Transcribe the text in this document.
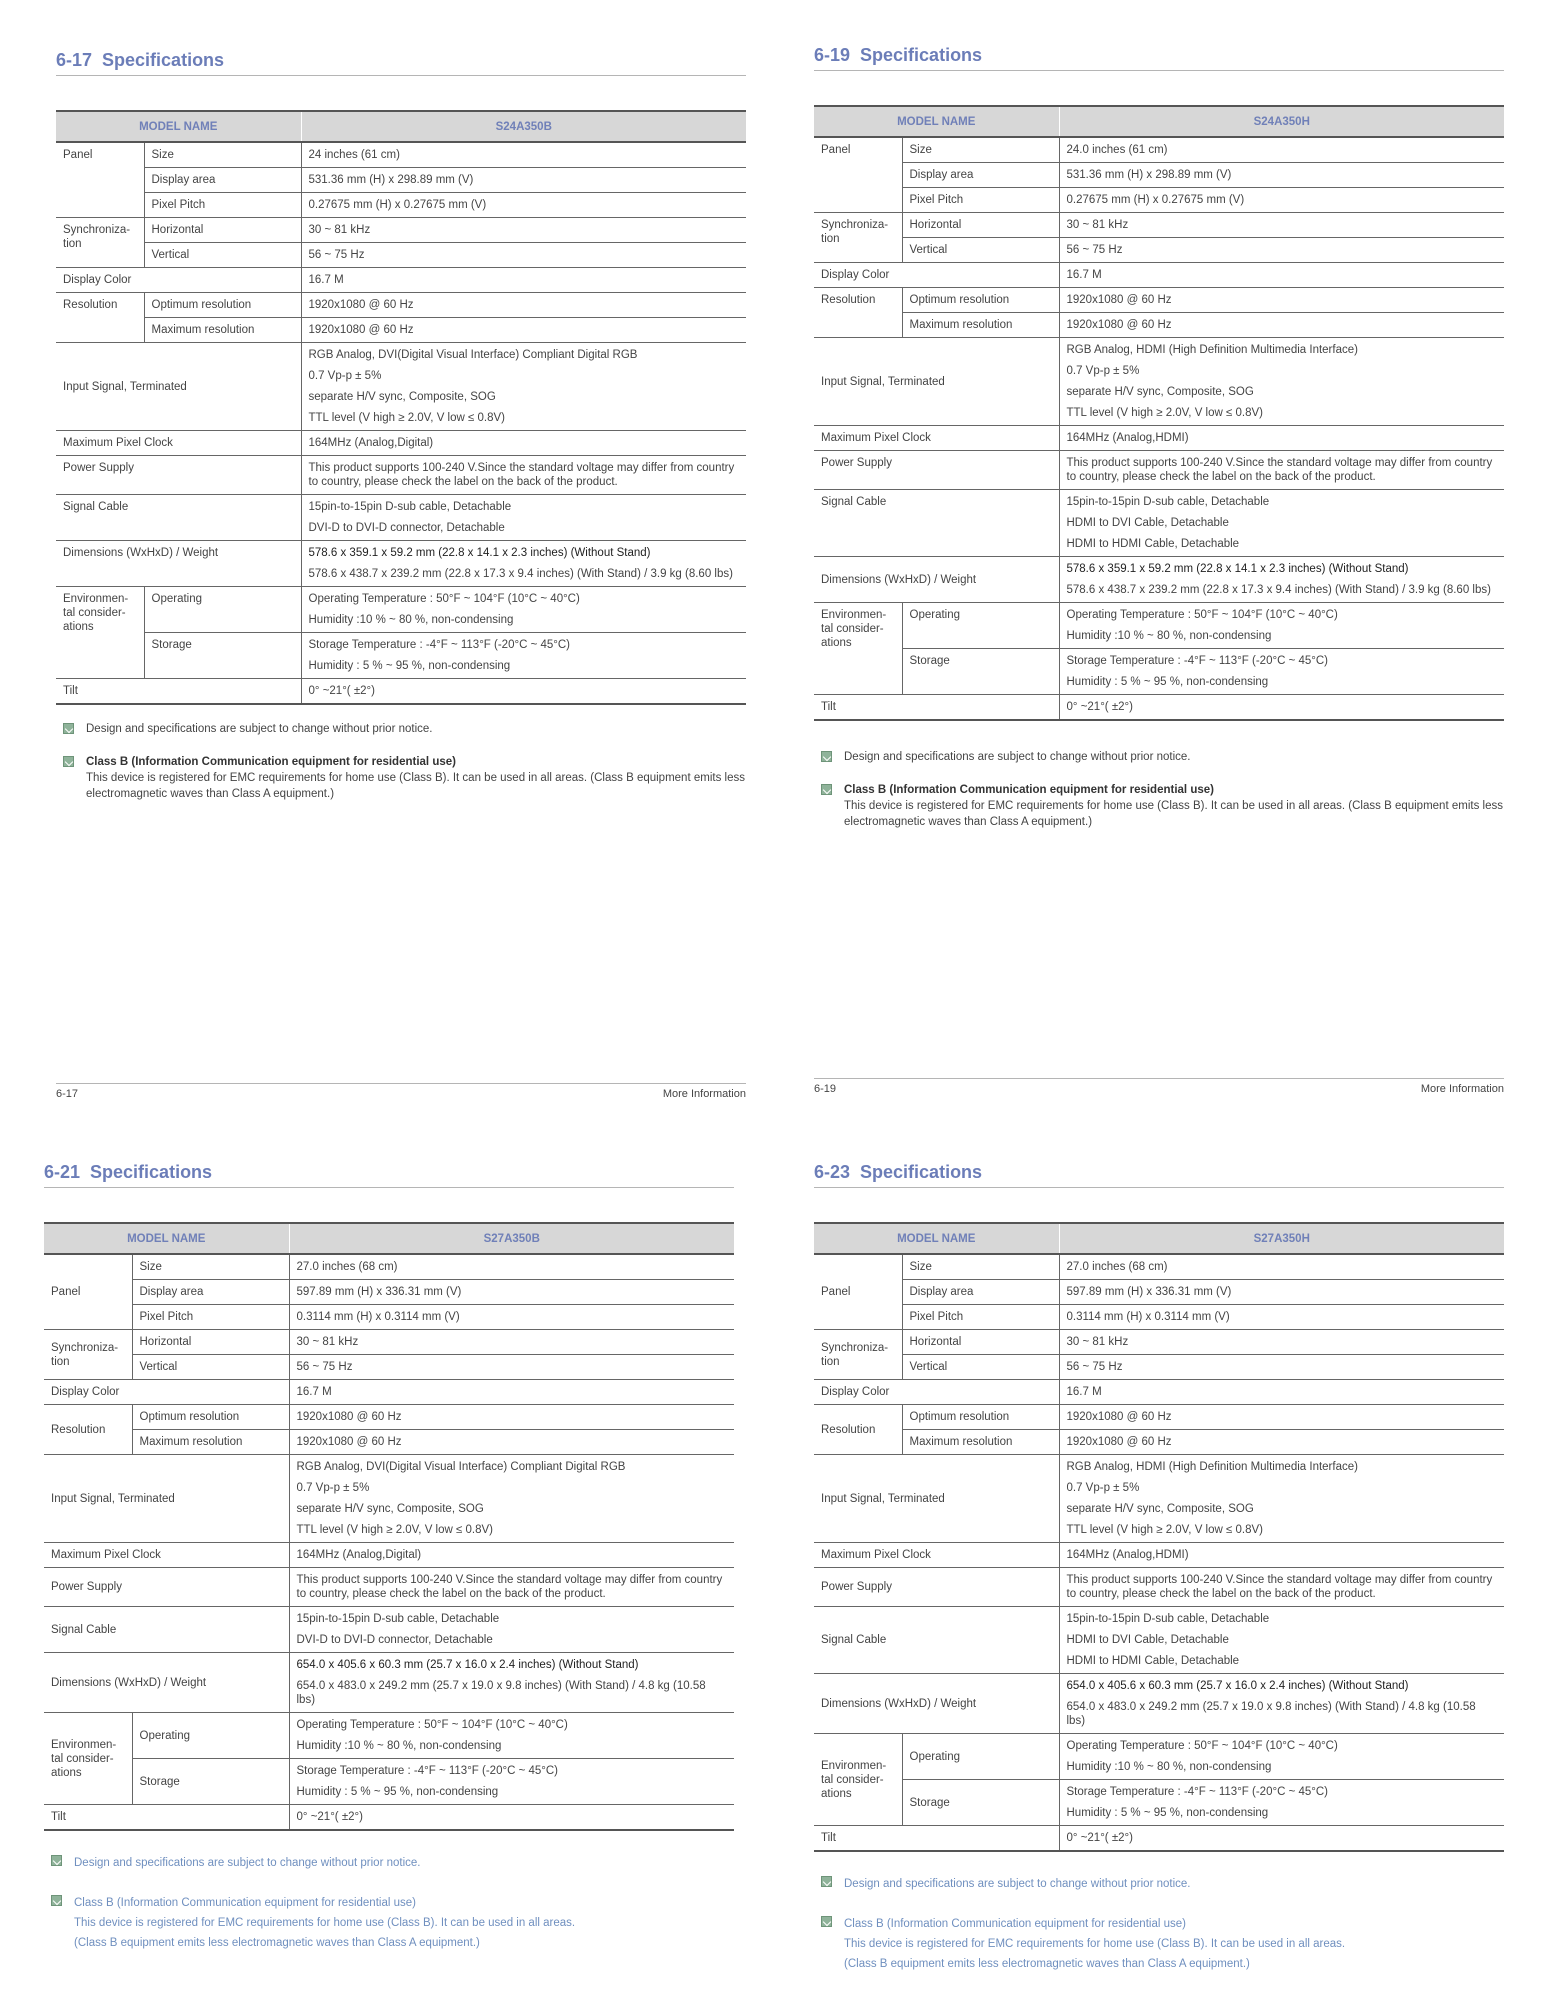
6-17 Specifications
MODEL NAME		S24A350B
Panel	Size	24 inches (61 cm)
	Display area	531.36 mm (H) x 298.89 mm (V)
	Pixel Pitch	0.27675 mm (H) x 0.27675 mm (V)
Synchroniza-tion	Horizontal	30 ~ 81 kHz
	Vertical	56 ~ 75 Hz
Display Color		16.7 M
Resolution	Optimum resolution	1920x1080 @ 60 Hz
	Maximum resolution	1920x1080 @ 60 Hz
Input Signal, Terminated		RGB Analog, DVI(Digital Visual Interface) Compliant Digital RGB
0.7 Vp-p ± 5%
separate H/V sync, Composite, SOG
TTL level (V high ≥ 2.0V, V low ≤ 0.8V)

Maximum Pixel Clock		164MHz (Analog,Digital)
Power Supply		This product supports 100-240 V.Since the standard voltage may differ from country to country, please check the label on the back of the product.
Signal Cable		15pin-to-15pin D-sub cable, Detachable
DVI-D to DVI-D connector, Detachable

Dimensions (WxHxD) / Weight		578.6 x 359.1 x 59.2 mm (22.8 x 14.1 x 2.3 inches) (Without Stand)
578.6 x 438.7 x 239.2 mm (22.8 x 17.3 x 9.4 inches) (With Stand) / 3.9 kg (8.60 lbs)

Environmen-tal consider-ations	Operating	Operating Temperature : 50°F ~ 104°F (10°C ~ 40°C)
Humidity :10 % ~ 80 %, non-condensing

	Storage	Storage Temperature : -4°F ~ 113°F (-20°C ~ 45°C)
Humidity : 5 % ~ 95 %, non-condensing

Tilt		0° ~21°( ±2°)
Design and specifications are subject to change without prior notice.
Class B (Information Communication equipment for residential use)
This device is registered for EMC requirements for home use (Class B). It can be used in all areas. (Class B equipment emits less electromagnetic waves than Class A equipment.)
6-17	More Information
6-19 Specifications
MODEL NAME		S24A350H
Panel	Size	24.0 inches (61 cm)
	Display area	531.36 mm (H) x 298.89 mm (V)
	Pixel Pitch	0.27675 mm (H) x 0.27675 mm (V)
Synchroniza-tion	Horizontal	30 ~ 81 kHz
	Vertical	56 ~ 75 Hz
Display Color		16.7 M
Resolution	Optimum resolution	1920x1080 @ 60 Hz
	Maximum resolution	1920x1080 @ 60 Hz
Input Signal, Terminated		RGB Analog, HDMI (High Definition Multimedia Interface)
0.7 Vp-p ± 5%
separate H/V sync, Composite, SOG
TTL level (V high ≥ 2.0V, V low ≤ 0.8V)

Maximum Pixel Clock		164MHz (Analog,HDMI)
Power Supply		This product supports 100-240 V.Since the standard voltage may differ from country to country, please check the label on the back of the product.
Signal Cable		15pin-to-15pin D-sub cable, Detachable
HDMI to DVI Cable, Detachable
HDMI to HDMI Cable, Detachable

Dimensions (WxHxD) / Weight		578.6 x 359.1 x 59.2 mm (22.8 x 14.1 x 2.3 inches) (Without Stand)
578.6 x 438.7 x 239.2 mm (22.8 x 17.3 x 9.4 inches) (With Stand) / 3.9 kg (8.60 lbs)

Environmen-tal consider-ations	Operating	Operating Temperature : 50°F ~ 104°F (10°C ~ 40°C)
Humidity :10 % ~ 80 %, non-condensing

	Storage	Storage Temperature : -4°F ~ 113°F (-20°C ~ 45°C)
Humidity : 5 % ~ 95 %, non-condensing

Tilt		0° ~21°( ±2°)
Design and specifications are subject to change without prior notice.
Class B (Information Communication equipment for residential use)
This device is registered for EMC requirements for home use (Class B). It can be used in all areas. (Class B equipment emits less electromagnetic waves than Class A equipment.)
6-19	More Information
6-21 Specifications
MODEL NAME		S27A350B
Panel	Size	27.0 inches (68 cm)
	Display area	597.89 mm (H) x 336.31 mm (V)
	Pixel Pitch	0.3114 mm (H) x 0.3114 mm (V)
Synchroniza-tion	Horizontal	30 ~ 81 kHz
	Vertical	56 ~ 75 Hz
Display Color		16.7 M
Resolution	Optimum resolution	1920x1080 @ 60 Hz
	Maximum resolution	1920x1080 @ 60 Hz
Input Signal, Terminated		RGB Analog, DVI(Digital Visual Interface) Compliant Digital RGB
0.7 Vp-p ± 5%
separate H/V sync, Composite, SOG
TTL level (V high ≥ 2.0V, V low ≤ 0.8V)

Maximum Pixel Clock		164MHz (Analog,Digital)
Power Supply		This product supports 100-240 V.Since the standard voltage may differ from country to country, please check the label on the back of the product.
Signal Cable		15pin-to-15pin D-sub cable, Detachable
DVI-D to DVI-D connector, Detachable

Dimensions (WxHxD) / Weight		654.0 x 405.6 x 60.3 mm (25.7 x 16.0 x 2.4 inches) (Without Stand)
654.0 x 483.0 x 249.2 mm (25.7 x 19.0 x 9.8 inches) (With Stand) / 4.8 kg (10.58 lbs)

Environmen-tal consider-ations	Operating	Operating Temperature : 50°F ~ 104°F (10°C ~ 40°C)
Humidity :10 % ~ 80 %, non-condensing

	Storage	Storage Temperature : -4°F ~ 113°F (-20°C ~ 45°C)
Humidity : 5 % ~ 95 %, non-condensing

Tilt		0° ~21°( ±2°)
Design and specifications are subject to change without prior notice.
Class B (Information Communication equipment for residential use)
This device is registered for EMC requirements for home use (Class B). It can be used in all areas.
(Class B equipment emits less electromagnetic waves than Class A equipment.)
6-23 Specifications
MODEL NAME		S27A350H
Panel	Size	27.0 inches (68 cm)
	Display area	597.89 mm (H) x 336.31 mm (V)
	Pixel Pitch	0.3114 mm (H) x 0.3114 mm (V)
Synchroniza-tion	Horizontal	30 ~ 81 kHz
	Vertical	56 ~ 75 Hz
Display Color		16.7 M
Resolution	Optimum resolution	1920x1080 @ 60 Hz
	Maximum resolution	1920x1080 @ 60 Hz
Input Signal, Terminated		RGB Analog, HDMI (High Definition Multimedia Interface)
0.7 Vp-p ± 5%
separate H/V sync, Composite, SOG
TTL level (V high ≥ 2.0V, V low ≤ 0.8V)

Maximum Pixel Clock		164MHz (Analog,HDMI)
Power Supply		This product supports 100-240 V.Since the standard voltage may differ from country to country, please check the label on the back of the product.
Signal Cable		15pin-to-15pin D-sub cable, Detachable
HDMI to DVI Cable, Detachable
HDMI to HDMI Cable, Detachable

Dimensions (WxHxD) / Weight		654.0 x 405.6 x 60.3 mm (25.7 x 16.0 x 2.4 inches) (Without Stand)
654.0 x 483.0 x 249.2 mm (25.7 x 19.0 x 9.8 inches) (With Stand) / 4.8 kg (10.58 lbs)

Environmen-tal consider-ations	Operating	Operating Temperature : 50°F ~ 104°F (10°C ~ 40°C)
Humidity :10 % ~ 80 %, non-condensing

	Storage	Storage Temperature : -4°F ~ 113°F (-20°C ~ 45°C)
Humidity : 5 % ~ 95 %, non-condensing

Tilt		0° ~21°( ±2°)
Design and specifications are subject to change without prior notice.
Class B (Information Communication equipment for residential use)
This device is registered for EMC requirements for home use (Class B). It can be used in all areas.
(Class B equipment emits less electromagnetic waves than Class A equipment.)
